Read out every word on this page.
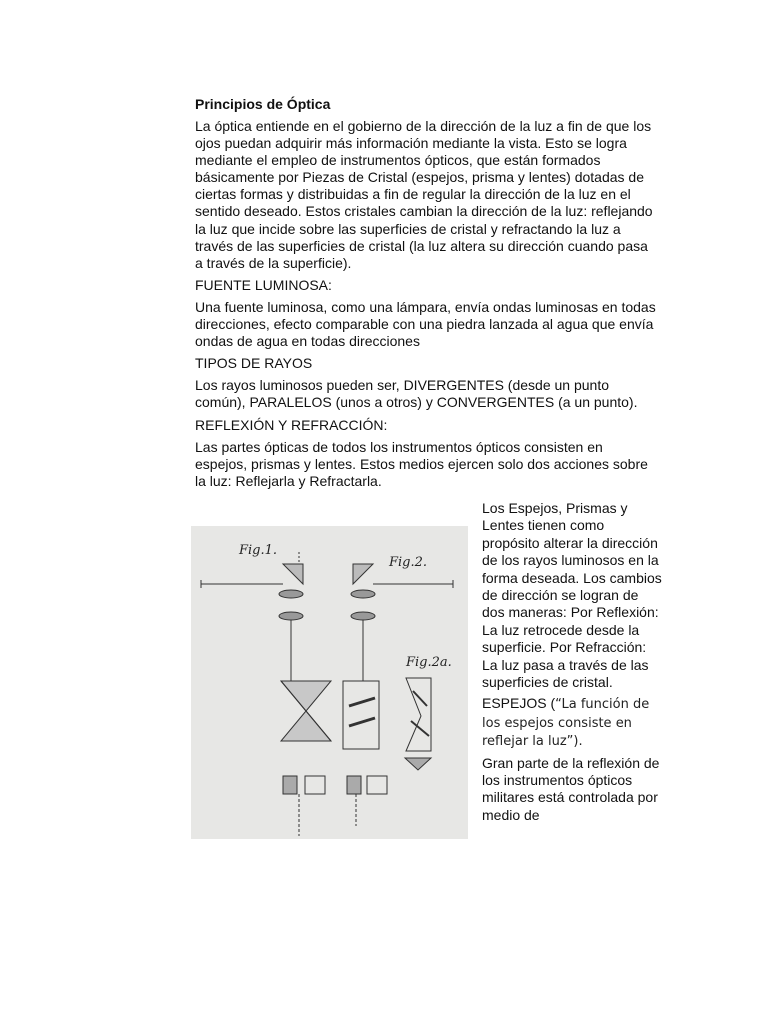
Principios de Óptica

La óptica entiende en el gobierno de la dirección de la luz a fin de que los ojos puedan adquirir más información mediante la vista. Esto se logra mediante el empleo de instrumentos ópticos, que están formados básicamente por Piezas de Cristal (espejos, prisma y lentes) dotadas de ciertas formas y distribuidas a fin de regular la dirección de la luz en el sentido deseado. Estos cristales cambian la dirección de la luz: reflejando la luz que incide sobre las superficies de cristal y refractando la luz a través de las superficies de cristal (la luz altera su dirección cuando pasa a través de la superficie).

FUENTE LUMINOSA:

Una fuente luminosa, como una lámpara, envía ondas luminosas en todas direcciones, efecto comparable con una piedra lanzada al agua que envía ondas de agua en todas direcciones

TIPOS DE RAYOS

Los rayos luminosos pueden ser, DIVERGENTES (desde un punto común), PARALELOS (unos a otros) y CONVERGENTES (a un punto).

REFLEXIÓN Y REFRACCIÓN:

Las partes ópticas de todos los instrumentos ópticos consisten en espejos, prismas y lentes. Estos medios ejercen solo dos acciones sobre la luz: Reflejarla y Refractarla.

Fig.1.
Fig.2.
Fig.2a.

Los Espejos, Prismas y Lentes tienen como propósito alterar la dirección de los rayos luminosos en la forma deseada. Los cambios de dirección se logran de dos maneras: Por Reflexión: La luz retrocede desde la superficie. Por Refracción: La luz pasa a través de las superficies de cristal.

ESPEJOS (“La función de los espejos consiste en reflejar la luz”).

Gran parte de la reflexión de los instrumentos ópticos militares está controlada por medio de
